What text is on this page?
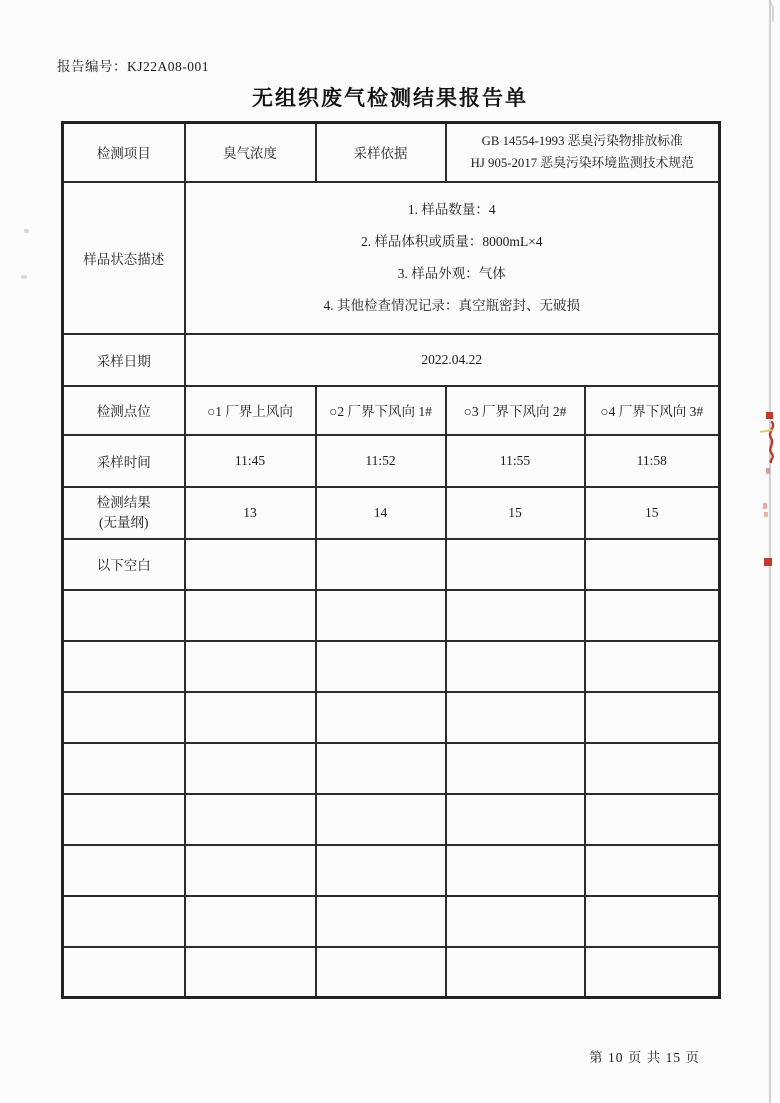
报告编号：KJ22A08-001
无组织废气检测结果报告单
检测项目	臭气浓度	采样依据	GB 14554-1993 恶臭污染物排放标准
HJ 905-2017 恶臭污染环境监测技术规范	

样品状态描述	1. 样品数量：4
2. 样品体积或质量：8000mL×4
3. 样品外观：气体
4. 其他检查情况记录：真空瓶密封、无破损			

采样日期	2022.04.22			
检测点位	○1 厂界上风向	○2 厂界下风向 1#	○3 厂界下风向 2#	○4 厂界下风向 3#
采样时间	11:45	11:52	11:55	11:58

检测结果
(无量纲)	13	14	15	15
以下空白				

第 10 页 共 15 页
